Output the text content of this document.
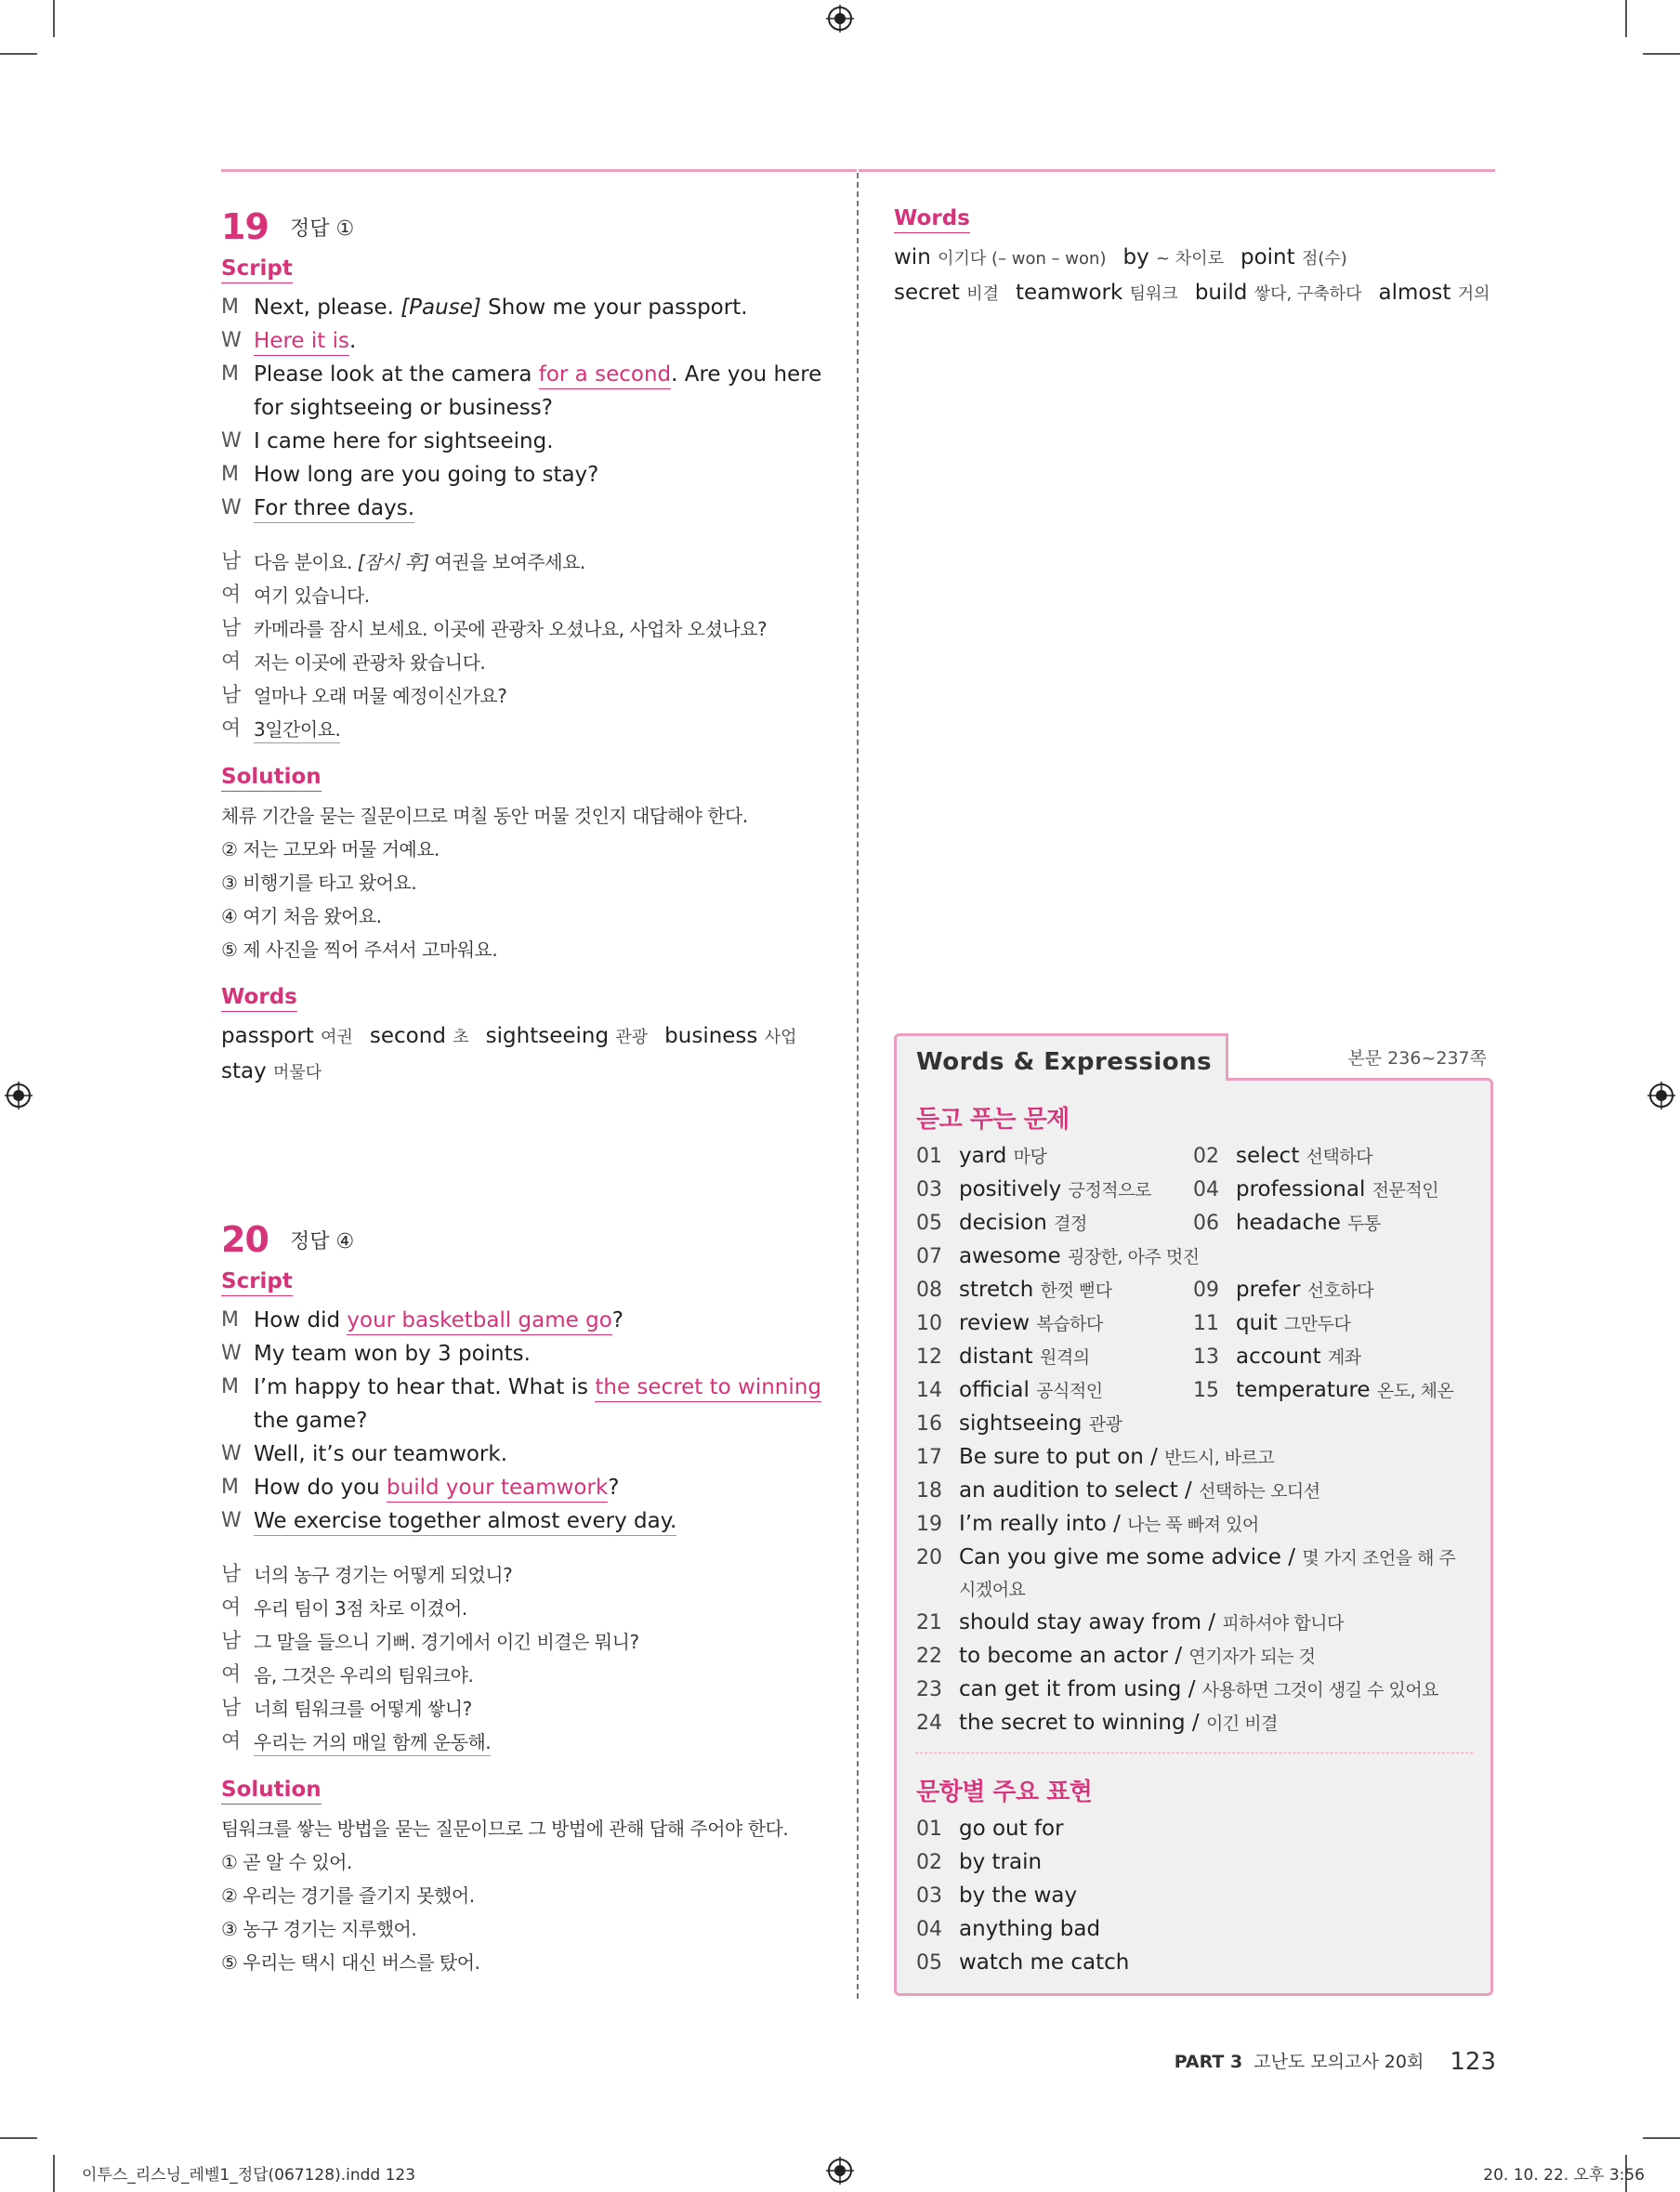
19 정답 ①
Script
M Next, please. [Pause] Show me your passport.
W Here it is.
M Please look at the camera for a second. Are you here
for sightseeing or business?
W I came here for sightseeing.
M How long are you going to stay?
W For three days.
남 다음 분이요. [잠시 후] 여권을 보여주세요.
여 여기 있습니다.
남 카메라를 잠시 보세요. 이곳에 관광차 오셨나요, 사업차 오셨나요?
여 저는 이곳에 관광차 왔습니다.
남 얼마나 오래 머물 예정이신가요?
여 3일간이요.
Solution
체류 기간을 묻는 질문이므로 며칠 동안 머물 것인지 대답해야 한다.
② 저는 고모와 머물 거예요.
③ 비행기를 타고 왔어요.
④ 여기 처음 왔어요.
⑤ 제 사진을 찍어 주셔서 고마워요.
Words
passport 여권 second 초 sightseeing 관광 business 사업
stay 머물다
20 정답 ④
Script
M How did your basketball game go?
W My team won by 3 points.
M I’m happy to hear that. What is the secret to winning
the game?
W Well, it’s our teamwork.
M How do you build your teamwork?
W We exercise together almost every day.
남 너의 농구 경기는 어떻게 되었니?
여 우리 팀이 3점 차로 이겼어.
남 그 말을 들으니 기뻐. 경기에서 이긴 비결은 뭐니?
여 음, 그것은 우리의 팀워크야.
남 너희 팀워크를 어떻게 쌓니?
여 우리는 거의 매일 함께 운동해.
Solution
팀워크를 쌓는 방법을 묻는 질문이므로 그 방법에 관해 답해 주어야 한다.
① 곧 알 수 있어.
② 우리는 경기를 즐기지 못했어.
③ 농구 경기는 지루했어.
⑤ 우리는 택시 대신 버스를 탔어.
Words
win 이기다 (– won – won) by ~ 차이로 point 점(수)
secret 비결 teamwork 팀워크 build 쌓다, 구축하다 almost 거의
Words & Expressions	본문 236~237쪽
듣고 푸는 문제
01 yard 마당	02 select 선택하다
03 positively 긍정적으로 04 professional 전문적인
05 decision 결정	06 headache 두통
07 awesome 굉장한, 아주 멋진
08 stretch 한껏 뻗다	09 prefer 선호하다
10 review 복습하다	11 quit 그만두다
12 distant 원격의	13 account 계좌
14 official 공식적인	15 temperature 온도, 체온
16 sightseeing 관광
17 Be sure to put on / 반드시, 바르고
18 an audition to select / 선택하는 오디션
19 I’m really into / 나는 푹 빠져 있어
20 Can you give me some advice / 몇 가지 조언을 해 주
시겠어요
21 should stay away from / 피하셔야 합니다
22 to become an actor / 연기자가 되는 것
23 can get it from using / 사용하면 그것이 생길 수 있어요
24 the secret to winning / 이긴 비결
문항별 주요 표현
01 go out for
02 by train
03 by the way
04 anything bad
05 watch me catch
PART 3 고난도 모의고사 20회 123
이투스_리스닝_레벨1_정답(067128).indd 123	20. 10. 22. 오후 3:56
